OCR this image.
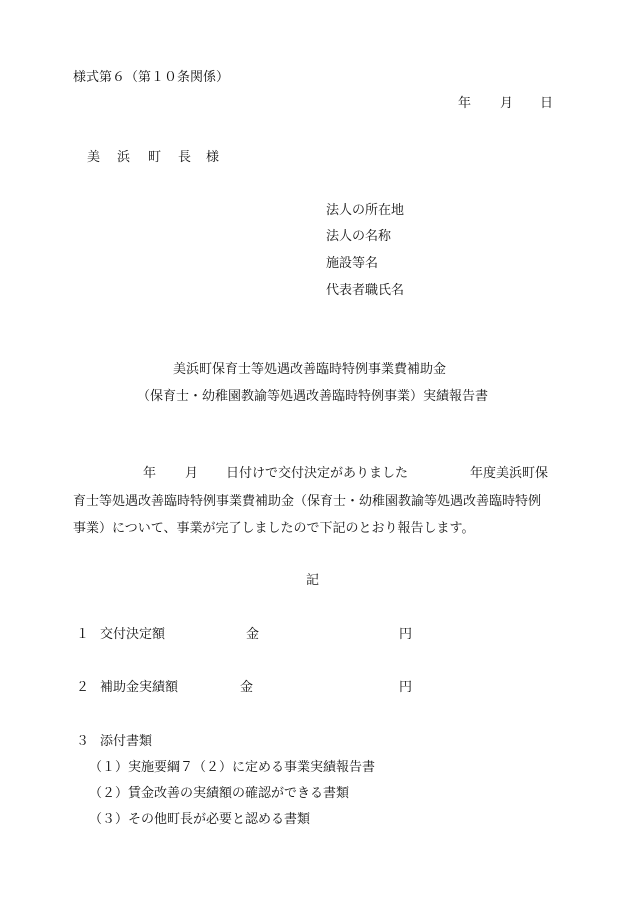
様式第６（第１０条関係）
年 月 日
美 浜 町 長 様
法人の所在地
法人の名称
施設等名
代表者職氏名
美浜町保育士等処遇改善臨時特例事業費補助金
（保育士・幼稚園教諭等処遇改善臨時特例事業）実績報告書
年 月 日付けで交付決定がありました	年度美浜町保
育士等処遇改善臨時特例事業費補助金（保育士・幼稚園教諭等処遇改善臨時特例
事業）について、事業が完了しましたので下記のとおり報告します。
記
１ 交付決定額	金	円
２ 補助金実績額	金	円
３ 添付書類
（１）実施要綱７（２）に定める事業実績報告書
（２）賃金改善の実績額の確認ができる書類
（３）その他町長が必要と認める書類
